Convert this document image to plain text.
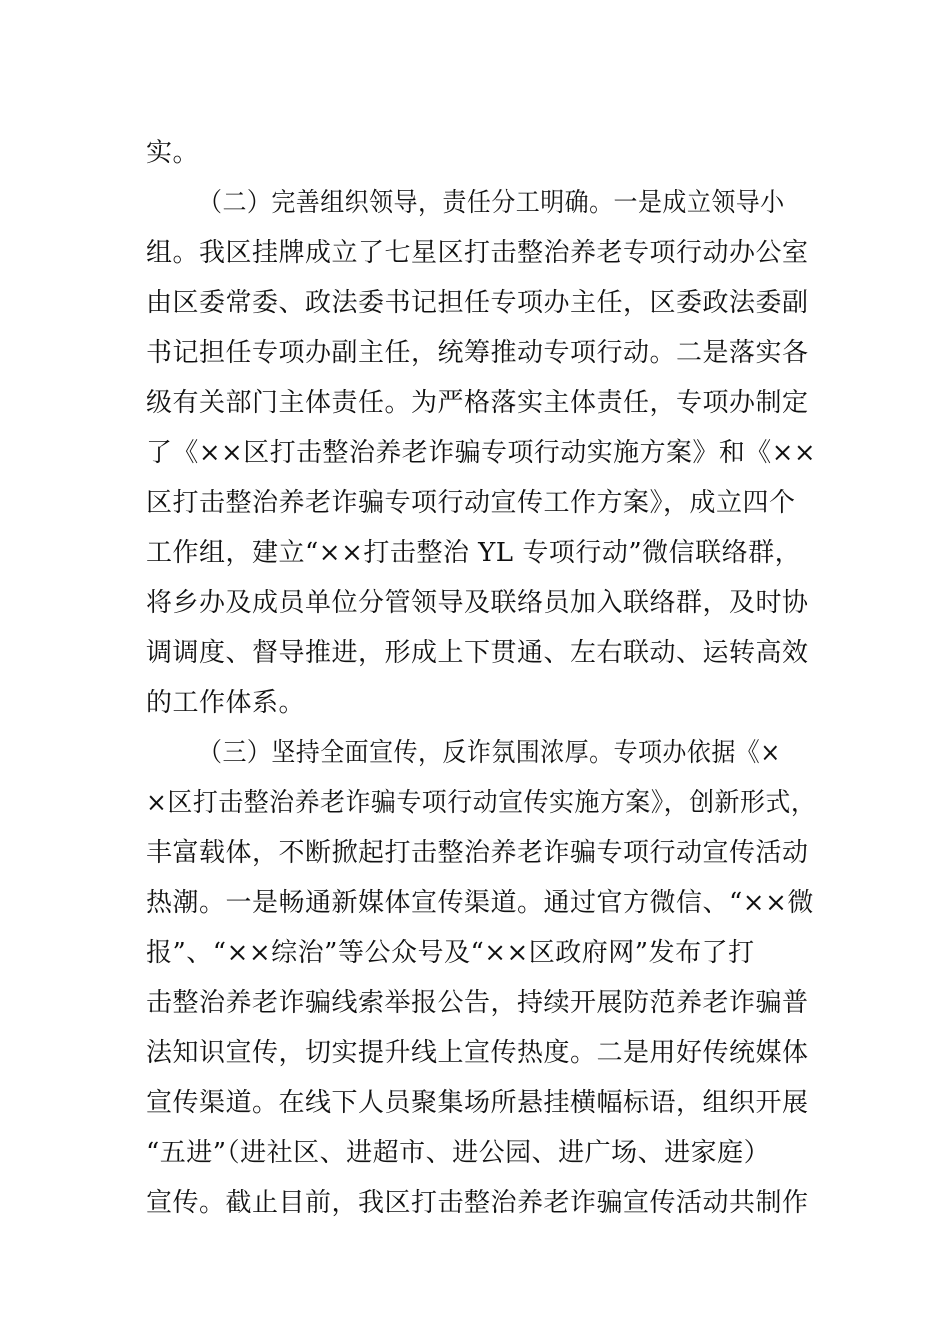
实。
（二）完善组织领导，责任分工明确。一是成立领导小
组。我区挂牌成立了七星区打击整治养老专项行动办公室
由区委常委、政法委书记担任专项办主任，区委政法委副
书记担任专项办副主任，统筹推动专项行动。二是落实各
级有关部门主体责任。为严格落实主体责任，专项办制定
了《××区打击整治养老诈骗专项行动实施方案》和《××
区打击整治养老诈骗专项行动宣传工作方案》，成立四个
工作组，建立“××打击整治 YL 专项行动”微信联络群，
将乡办及成员单位分管领导及联络员加入联络群，及时协
调调度、督导推进，形成上下贯通、左右联动、运转高效
的工作体系。
（三）坚持全面宣传，反诈氛围浓厚。专项办依据《×
×区打击整治养老诈骗专项行动宣传实施方案》，创新形式，
丰富载体，不断掀起打击整治养老诈骗专项行动宣传活动
热潮。一是畅通新媒体宣传渠道。通过官方微信、“××微
报”、“××综治”等公众号及“××区政府网”发布了打
击整治养老诈骗线索举报公告，持续开展防范养老诈骗普
法知识宣传，切实提升线上宣传热度。二是用好传统媒体
宣传渠道。在线下人员聚集场所悬挂横幅标语，组织开展
“五进”（进社区、进超市、进公园、进广场、进家庭）
宣传。截止目前，我区打击整治养老诈骗宣传活动共制作
